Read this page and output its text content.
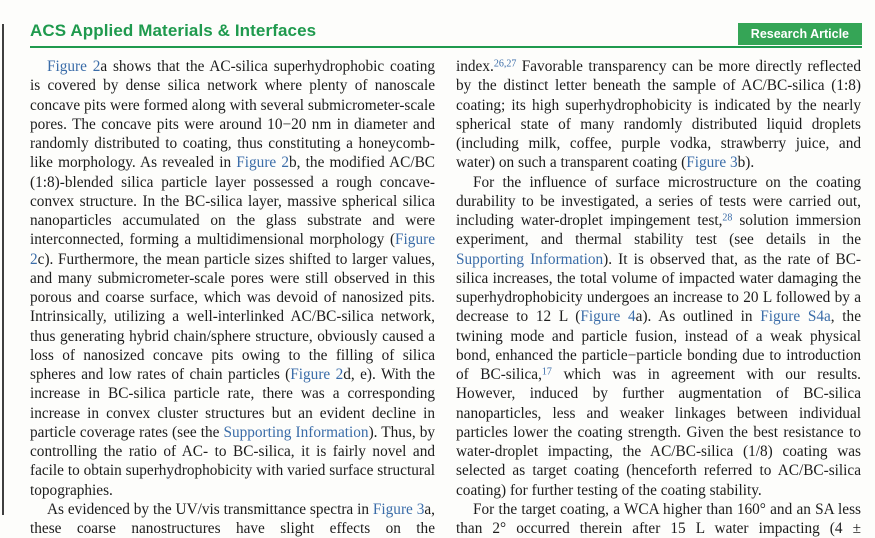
ACS Applied Materials & Interfaces	Research Article

Figure 2a shows that the AC-silica superhydrophobic coating is covered by dense silica network where plenty of nanoscale concave pits were formed along with several submicrometer-scale pores. The concave pits were around 10−20 nm in diameter and randomly distributed to coating, thus constituting a honeycomb-like morphology. As revealed in Figure 2b, the modified AC/BC (1:8)-blended silica particle layer possessed a rough concave-convex structure. In the BC-silica layer, massive spherical silica nanoparticles accumulated on the glass substrate and were interconnected, forming a multidimensional morphology (Figure 2c). Furthermore, the mean particle sizes shifted to larger values, and many submicrometer-scale pores were still observed in this porous and coarse surface, which was devoid of nanosized pits. Intrinsically, utilizing a well-interlinked AC/BC-silica network, thus generating hybrid chain/sphere structure, obviously caused a loss of nanosized concave pits owing to the filling of silica spheres and low rates of chain particles (Figure 2d, e). With the increase in BC-silica particle rate, there was a corresponding increase in convex cluster structures but an evident decline in particle coverage rates (see the Supporting Information). Thus, by controlling the ratio of AC- to BC-silica, it is fairly novel and facile to obtain superhydrophobicity with varied surface structural topographies.

As evidenced by the UV/vis transmittance spectra in Figure 3a, these coarse nanostructures have slight effects on the

index.$^{26,27}$ Favorable transparency can be more directly reflected by the distinct letter beneath the sample of AC/BC-silica (1:8) coating; its high superhydrophobicity is indicated by the nearly spherical state of many randomly distributed liquid droplets (including milk, coffee, purple vodka, strawberry juice, and water) on such a transparent coating (Figure 3b).

For the influence of surface microstructure on the coating durability to be investigated, a series of tests were carried out, including water-droplet impingement test,$^{28}$ solution immersion experiment, and thermal stability test (see details in the Supporting Information). It is observed that, as the rate of BC-silica increases, the total volume of impacted water damaging the superhydrophobicity undergoes an increase to 20 L followed by a decrease to 12 L (Figure 4a). As outlined in Figure S4a, the twining mode and particle fusion, instead of a weak physical bond, enhanced the particle−particle bonding due to introduction of BC-silica,$^{17}$ which was in agreement with our results. However, induced by further augmentation of BC-silica nanoparticles, less and weaker linkages between individual particles lower the coating strength. Given the best resistance to water-droplet impacting, the AC/BC-silica (1/8) coating was selected as target coating (henceforth referred to AC/BC-silica coating) for further testing of the coating stability.

For the target coating, a WCA higher than 160° and an SA less than 2° occurred therein after 15 L water impacting (4 ±
